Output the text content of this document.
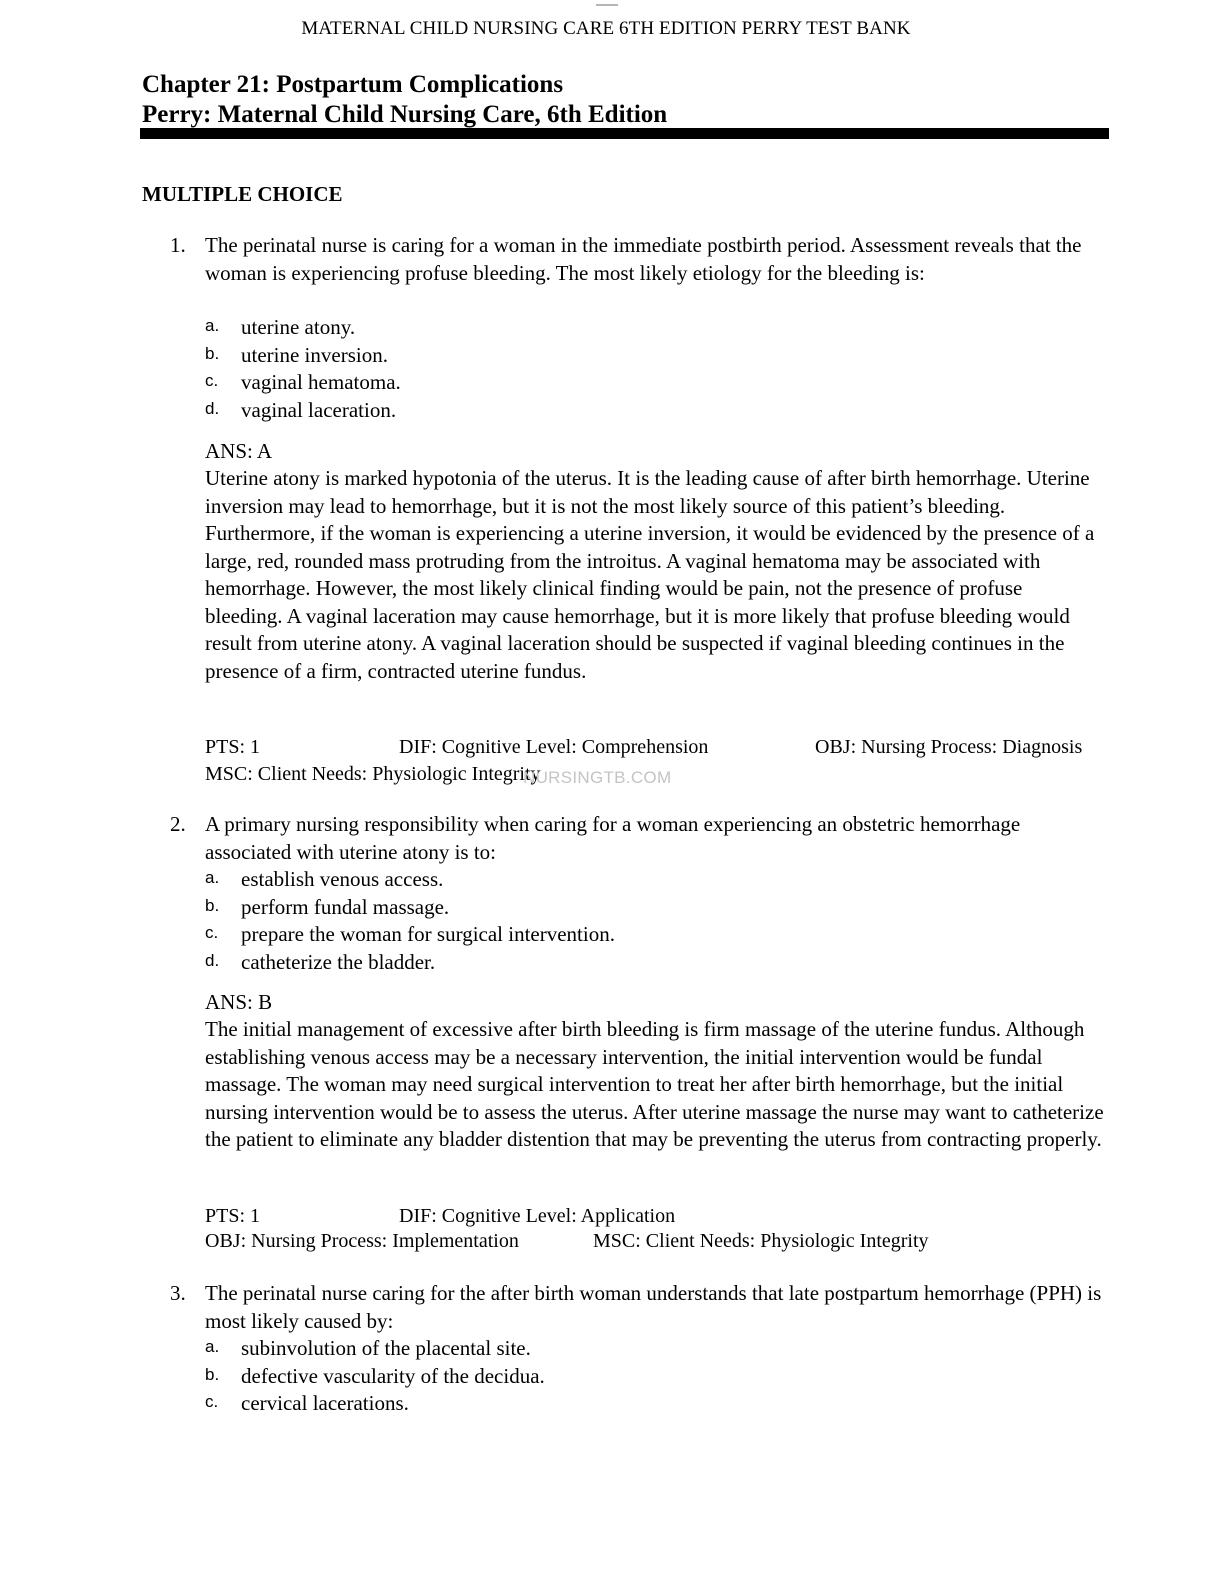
MATERNAL CHILD NURSING CARE 6TH EDITION PERRY TEST BANK
Chapter 21: Postpartum Complications
Perry: Maternal Child Nursing Care, 6th Edition
MULTIPLE CHOICE
1. The perinatal nurse is caring for a woman in the immediate postbirth period. Assessment reveals that the woman is experiencing profuse bleeding. The most likely etiology for the bleeding is:
a. uterine atony.
b. uterine inversion.
c. vaginal hematoma.
d. vaginal laceration.
ANS: A
Uterine atony is marked hypotonia of the uterus. It is the leading cause of after birth hemorrhage. Uterine inversion may lead to hemorrhage, but it is not the most likely source of this patient’s bleeding. Furthermore, if the woman is experiencing a uterine inversion, it would be evidenced by the presence of a large, red, rounded mass protruding from the introitus. A vaginal hematoma may be associated with hemorrhage. However, the most likely clinical finding would be pain, not the presence of profuse bleeding. A vaginal laceration may cause hemorrhage, but it is more likely that profuse bleeding would result from uterine atony. A vaginal laceration should be suspected if vaginal bleeding continues in the presence of a firm, contracted uterine fundus.
PTS: 1	DIF: Cognitive Level: Comprehension	OBJ: Nursing Process: Diagnosis
MSC: Client Needs: Physiologic Integrity
NURSINGTB.COM
2. A primary nursing responsibility when caring for a woman experiencing an obstetric hemorrhage associated with uterine atony is to:
a. establish venous access.
b. perform fundal massage.
c. prepare the woman for surgical intervention.
d. catheterize the bladder.
ANS: B
The initial management of excessive after birth bleeding is firm massage of the uterine fundus. Although establishing venous access may be a necessary intervention, the initial intervention would be fundal massage. The woman may need surgical intervention to treat her after birth hemorrhage, but the initial nursing intervention would be to assess the uterus. After uterine massage the nurse may want to catheterize the patient to eliminate any bladder distention that may be preventing the uterus from contracting properly.
PTS: 1	DIF: Cognitive Level: Application
OBJ: Nursing Process: Implementation	MSC: Client Needs: Physiologic Integrity
3. The perinatal nurse caring for the after birth woman understands that late postpartum hemorrhage (PPH) is most likely caused by:
a. subinvolution of the placental site.
b. defective vascularity of the decidua.
c. cervical lacerations.
